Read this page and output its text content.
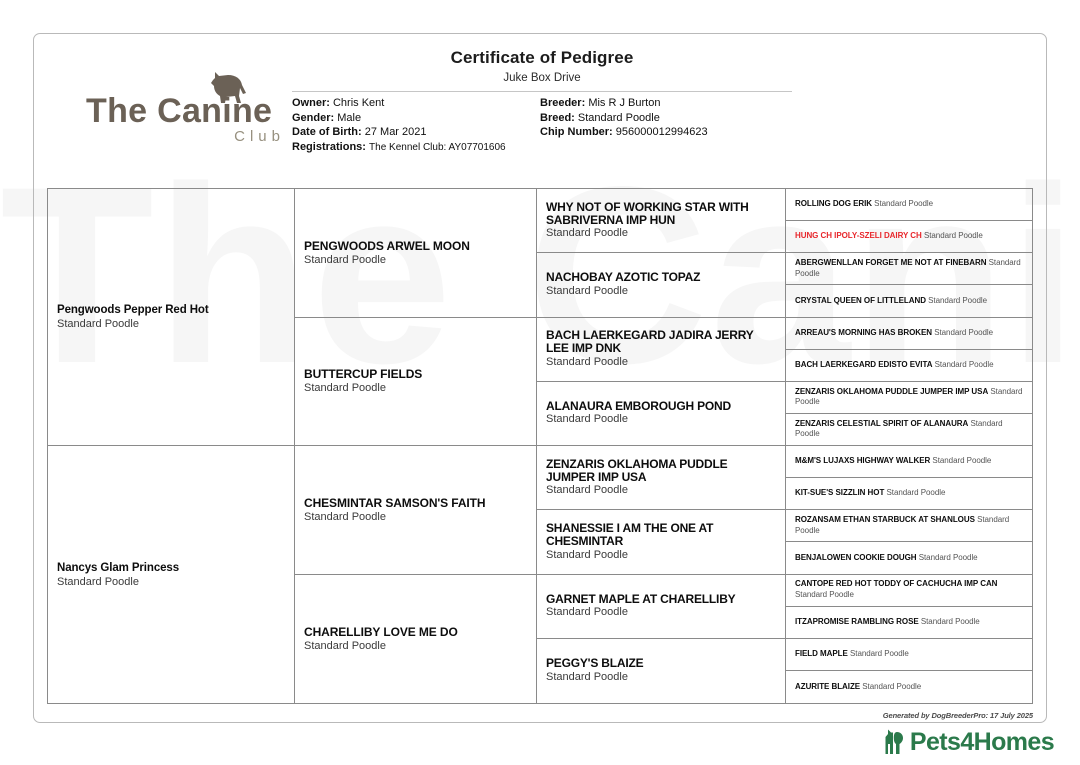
The Canine
Club
Certificate of Pedigree
Juke Box Drive
Owner: Chris Kent
Gender: Male
Date of Birth: 27 Mar 2021
Registrations: The Kennel Club: AY07701606
Breeder: Mis R J Burton
Breed: Standard Poodle
Chip Number: 956000012994623
Pengwoods Pepper Red Hot
Standard Poodle
Nancys Glam Princess
Standard Poodle
PENGWOODS ARWEL MOON
Standard Poodle
BUTTERCUP FIELDS
Standard Poodle
CHESMINTAR SAMSON'S FAITH
Standard Poodle
CHARELLIBY LOVE ME DO
Standard Poodle
WHY NOT OF WORKING STAR WITH SABRIVERNA IMP HUN
Standard Poodle
NACHOBAY AZOTIC TOPAZ
Standard Poodle
BACH LAERKEGARD JADIRA JERRY LEE IMP DNK
Standard Poodle
ALANAURA EMBOROUGH POND
Standard Poodle
ZENZARIS OKLAHOMA PUDDLE JUMPER IMP USA
Standard Poodle
SHANESSIE I AM THE ONE AT CHESMINTAR
Standard Poodle
GARNET MAPLE AT CHARELLIBY
Standard Poodle
PEGGY'S BLAIZE
Standard Poodle
ROLLING DOG ERIK Standard Poodle
HUNG CH IPOLY-SZELI DAIRY CH Standard Poodle
ABERGWENLLAN FORGET ME NOT AT FINEBARN Standard Poodle
CRYSTAL QUEEN OF LITTLELAND Standard Poodle
ARREAU'S MORNING HAS BROKEN Standard Poodle
BACH LAERKEGARD EDISTO EVITA Standard Poodle
ZENZARIS OKLAHOMA PUDDLE JUMPER IMP USA Standard Poodle
ZENZARIS CELESTIAL SPIRIT OF ALANAURA Standard Poodle
M&M'S LUJAXS HIGHWAY WALKER Standard Poodle
KIT-SUE'S SIZZLIN HOT Standard Poodle
ROZANSAM ETHAN STARBUCK AT SHANLOUS Standard Poodle
BENJALOWEN COOKIE DOUGH Standard Poodle
CANTOPE RED HOT TODDY OF CACHUCHA IMP CAN Standard Poodle
ITZAPROMISE RAMBLING ROSE Standard Poodle
FIELD MAPLE Standard Poodle
AZURITE BLAIZE Standard Poodle
Generated by DogBreederPro: 17 July 2025
Pets4Homes
